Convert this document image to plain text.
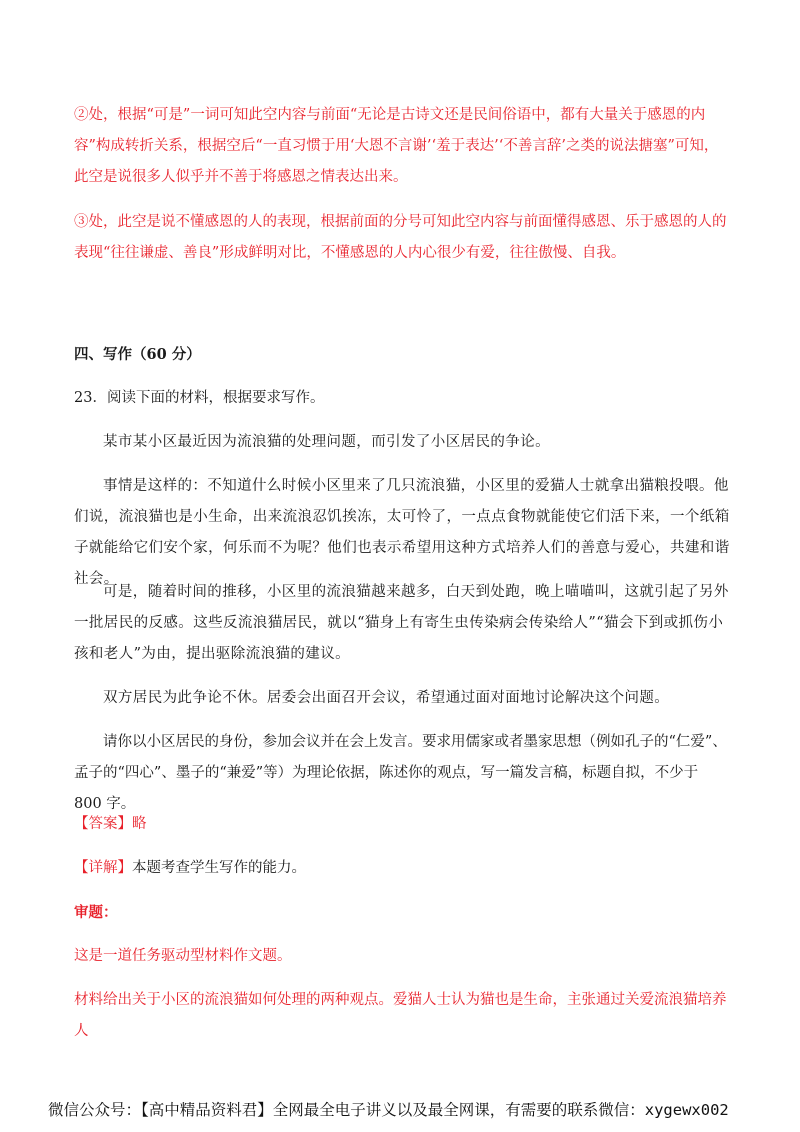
②处，根据“可是”一词可知此空内容与前面“无论是古诗文还是民间俗语中，都有大量关于感恩的内容”构成转折关系，根据空后“一直习惯于用‘大恩不言谢’‘羞于表达’‘不善言辞’之类的说法搪塞”可知，此空是说很多人似乎并不善于将感恩之情表达出来。

③处，此空是说不懂感恩的人的表现，根据前面的分号可知此空内容与前面懂得感恩、乐于感恩的人的表现“往往谦虚、善良”形成鲜明对比，不懂感恩的人内心很少有爱，往往傲慢、自我。

四、写作（60 分）

23．阅读下面的材料，根据要求写作。

某市某小区最近因为流浪猫的处理问题，而引发了小区居民的争论。

事情是这样的：不知道什么时候小区里来了几只流浪猫，小区里的爱猫人士就拿出猫粮投喂。他们说，流浪猫也是小生命，出来流浪忍饥挨冻，太可怜了，一点点食物就能使它们活下来，一个纸箱子就能给它们安个家，何乐而不为呢？他们也表示希望用这种方式培养人们的善意与爱心，共建和谐社会。

可是，随着时间的推移，小区里的流浪猫越来越多，白天到处跑，晚上喵喵叫，这就引起了另外一批居民的反感。这些反流浪猫居民，就以“猫身上有寄生虫传染病会传染给人”“猫会下到或抓伤小孩和老人”为由，提出驱除流浪猫的建议。

双方居民为此争论不休。居委会出面召开会议，希望通过面对面地讨论解决这个问题。

请你以小区居民的身份，参加会议并在会上发言。要求用儒家或者墨家思想（例如孔子的“仁爱”、孟子的“四心”、墨子的“兼爱”等）为理论依据，陈述你的观点，写一篇发言稿，标题自拟，不少于 800 字。

【答案】略

【详解】本题考查学生写作的能力。

审题：

这是一道任务驱动型材料作文题。

材料给出关于小区的流浪猫如何处理的两种观点。爱猫人士认为猫也是生命，主张通过关爱流浪猫培养人

微信公众号：【高中精品资料君】全网最全电子讲义以及最全网课，有需要的联系微信：xygewx002
